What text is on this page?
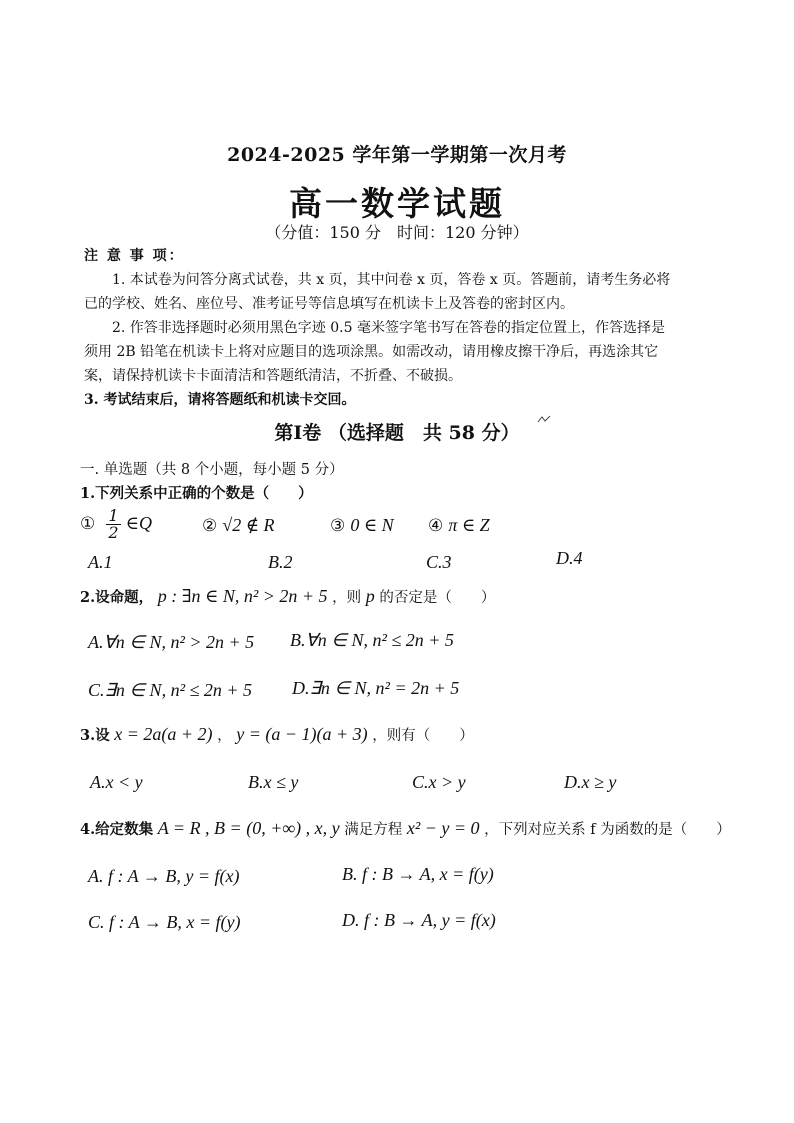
2024-2025 学年第一学期第一次月考
高一数学试题
（分值：150 分　时间：120 分钟）
注 意 事 项：
1. 本试卷为问答分离式试卷，共 x 页，其中问卷 x 页，答卷 x 页。答题前，请考生务必将
已的学校、姓名、座位号、准考证号等信息填写在机读卡上及答卷的密封区内。
2. 作答非选择题时必须用黑色字迹 0.5 毫米签字笔书写在答卷的指定位置上，作答选择是
须用 2B 铅笔在机读卡上将对应题目的选项涂黑。如需改动，请用橡皮擦干净后，再选涂其它
案，请保持机读卡卡面清洁和答题纸清洁，不折叠、不破损。
3. 考试结束后，请将答题纸和机读卡交回。
第Ⅰ卷 （选择题　共 58 分）
一. 单选题（共 8 个小题，每小题 5 分）
1.下列关系中正确的个数是（　　）
① $\frac{1}{2}$ ∈Q	② √2 ∉ R	③ 0 ∈ N ④ π ∈ Z
A.1	B.2	C.3	D.4
2.设命题， p : ∃n ∈ N, n² > 2n + 5 ，则 p 的否定是（　　）
A.∀n ∈ N, n² > 2n + 5 B.∀n ∈ N, n² ≤ 2n + 5
C.∃n ∈ N, n² ≤ 2n + 5 D.∃n ∈ N, n² = 2n + 5
3.设 x = 2a(a + 2) ， y = (a − 1)(a + 3) ，则有（　　）
A.x < y	B.x ≤ y	C.x > y	D.x ≥ y
4.给定数集 A = R , B = (0, +∞) , x, y 满足方程 x² − y = 0 ，下列对应关系 f 为函数的是（　　）
A. f : A → B, y = f(x)	B. f : B → A, x = f(y)
C. f : A → B, x = f(y)	D. f : B → A, y = f(x)
